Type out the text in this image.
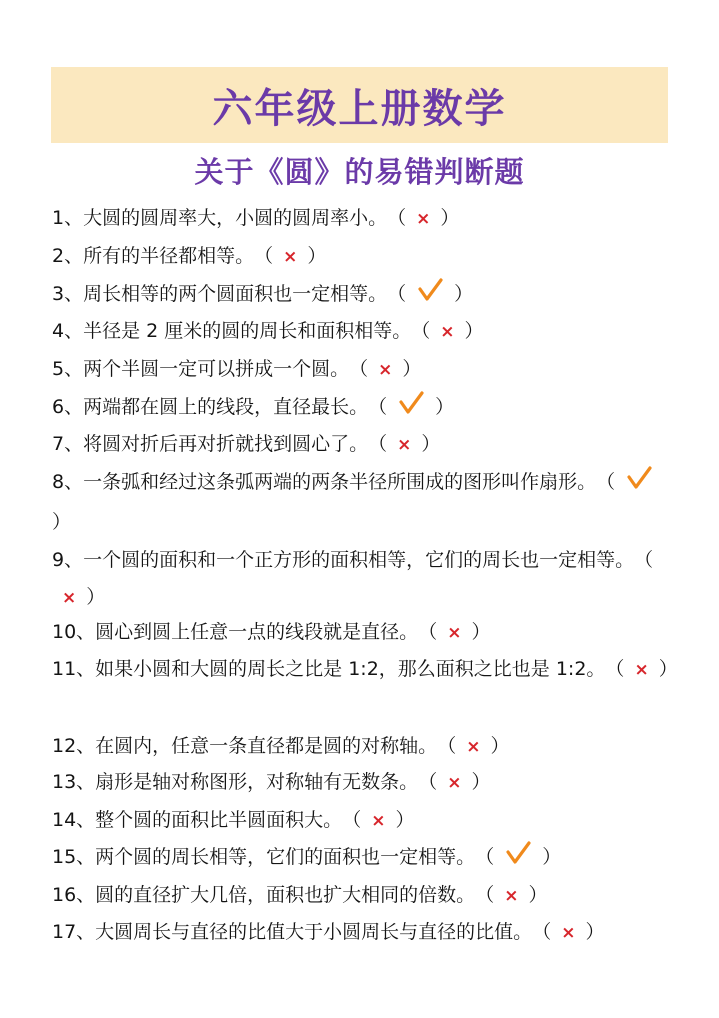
六年级上册数学
关于《圆》的易错判断题
1、大圆的圆周率大，小圆的圆周率小。（ × ）
2、所有的半径都相等。（ × ）
3、周长相等的两个圆面积也一定相等。（	）
4、半径是 2 厘米的圆的周长和面积相等。（ × ）
5、两个半圆一定可以拼成一个圆。（ × ）
6、两端都在圆上的线段，直径最长。（	）
7、将圆对折后再对折就找到圆心了。（ × ）
8、一条弧和经过这条弧两端的两条半径所围成的图形叫作扇形。（）
9、一个圆的面积和一个正方形的面积相等，它们的周长也一定相等。（× ）
10、圆心到圆上任意一点的线段就是直径。（ × ）
11、如果小圆和大圆的周长之比是 1:2，那么面积之比也是 1:2。（ × ）
12、在圆内，任意一条直径都是圆的对称轴。（ × ）
13、扇形是轴对称图形，对称轴有无数条。（ × ）
14、整个圆的面积比半圆面积大。（ × ）
15、两个圆的周长相等，它们的面积也一定相等。（	）
16、圆的直径扩大几倍，面积也扩大相同的倍数。（ × ）
17、大圆周长与直径的比值大于小圆周长与直径的比值。（ × ）
